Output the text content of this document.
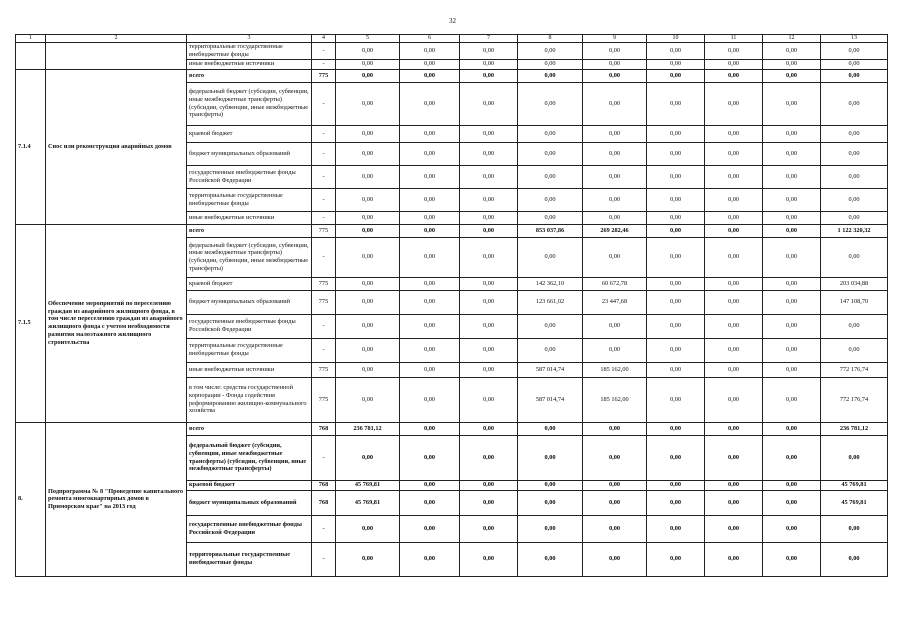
32
1	2	3	4	5	6	7	8	9	10	11	12	13
		территориальные государственные внебюджетные фонды	-	0,00	0,00	0,00	0,00	0,00	0,00	0,00	0,00	0,00
		иные внебюджетные источники	-	0,00	0,00	0,00	0,00	0,00	0,00	0,00	0,00	0,00
7.1.4	Снос или реконструкция аварийных домов	всего	775	0,00	0,00	0,00	0,00	0,00	0,00	0,00	0,00	0,00
		федеральный бюджет (субсидии, субвенции, иные межбюджетные трансферты) (субсидии, субвенции, иные межбюджетные трансферты)	-	0,00	0,00	0,00	0,00	0,00	0,00	0,00	0,00	0,00
		краевой бюджет	-	0,00	0,00	0,00	0,00	0,00	0,00	0,00	0,00	0,00
		бюджет муниципальных образований	-	0,00	0,00	0,00	0,00	0,00	0,00	0,00	0,00	0,00
		государственные внебюджетные фонды Российской Федерации	-	0,00	0,00	0,00	0,00	0,00	0,00	0,00	0,00	0,00
		территориальные государственные внебюджетные фонды	-	0,00	0,00	0,00	0,00	0,00	0,00	0,00	0,00	0,00
		иные внебюджетные источники	-	0,00	0,00	0,00	0,00	0,00	0,00	0,00	0,00	0,00
7.1.5	Обеспечение мероприятий по переселению граждан из аварийного жилищного фонда, в том числе переселению граждан из аварийного жилищного фонда с учетом необходимости развития малоэтажного жилищного строительства	всего	775	0,00	0,00	0,00	853 037,86	269 282,46	0,00	0,00	0,00	1 122 320,32
		федеральный бюджет (субсидии, субвенции, иные межбюджетные трансферты) (субсидии, субвенции, иные межбюджетные трансферты)	-	0,00	0,00	0,00	0,00	0,00	0,00	0,00	0,00	0,00
		краевой бюджет	775	0,00	0,00	0,00	142 362,10	60 672,78	0,00	0,00	0,00	203 034,88
		бюджет муниципальных образований	775	0,00	0,00	0,00	123 661,02	23 447,68	0,00	0,00	0,00	147 108,70
		государственные внебюджетные фонды Российской Федерации	-	0,00	0,00	0,00	0,00	0,00	0,00	0,00	0,00	0,00
		территориальные государственные внебюджетные фонды	-	0,00	0,00	0,00	0,00	0,00	0,00	0,00	0,00	0,00
		иные внебюджетные источники	775	0,00	0,00	0,00	587 014,74	185 162,00	0,00	0,00	0,00	772 176,74
		в том числе: средства государственной корпорации - Фонда содействия реформированию жилищно-коммунального хозяйства	775	0,00	0,00	0,00	587 014,74	185 162,00	0,00	0,00	0,00	772 176,74
8.	Подпрограмма № 8 "Проведение капитального ремонта многоквартирных домов в Приморском крае" на 2013 год	всего	768	236 781,12	0,00	0,00	0,00	0,00	0,00	0,00	0,00	236 781,12
		федеральный бюджет (субсидии, субвенции, иные межбюджетные трансферты) (субсидии, субвенции, иные межбюджетные трансферты)	-	0,00	0,00	0,00	0,00	0,00	0,00	0,00	0,00	0,00
		краевой бюджет	768	45 769,81	0,00	0,00	0,00	0,00	0,00	0,00	0,00	45 769,81
		бюджет муниципальных образований	768	45 769,81	0,00	0,00	0,00	0,00	0,00	0,00	0,00	45 769,81
		государственные внебюджетные фонды Российской Федерации	-	0,00	0,00	0,00	0,00	0,00	0,00	0,00	0,00	0,00
		территориальные государственные внебюджетные фонды	-	0,00	0,00	0,00	0,00	0,00	0,00	0,00	0,00	0,00
